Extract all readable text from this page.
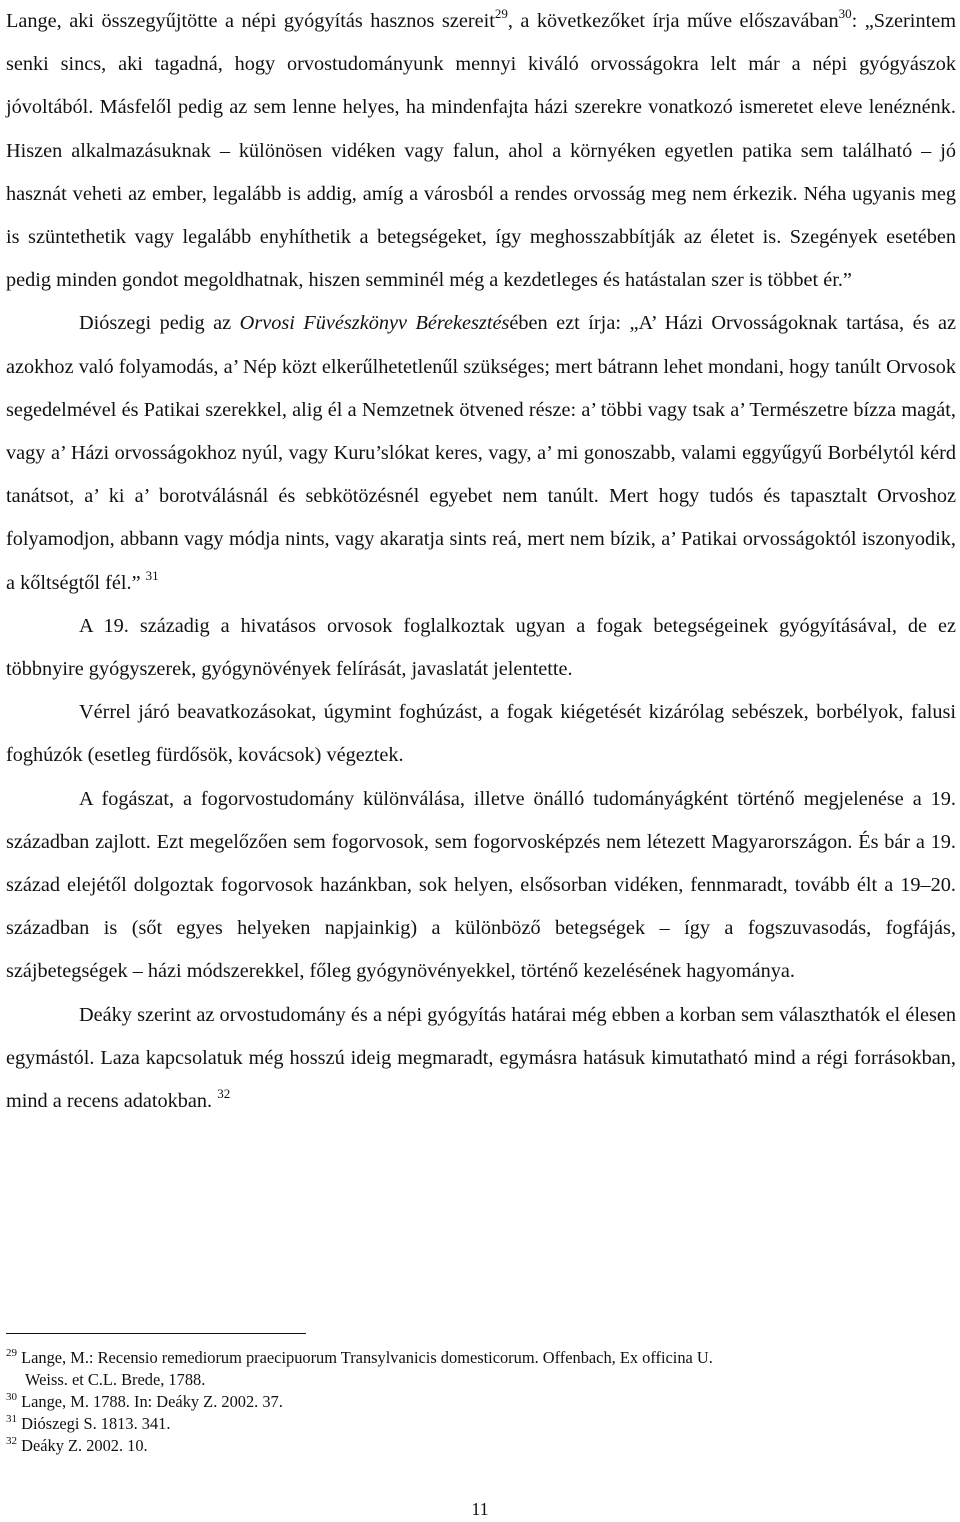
Lange, aki összegyűjtötte a népi gyógyítás hasznos szereit$^{29}$, a következőket írja műve előszavában$^{30}$: „Szerintem senki sincs, aki tagadná, hogy orvostudományunk mennyi kiváló orvosságokra lelt már a népi gyógyászok jóvoltából. Másfelől pedig az sem lenne helyes, ha mindenfajta házi szerekre vonatkozó ismeretet eleve lenéznénk. Hiszen alkalmazásuknak – különösen vidéken vagy falun, ahol a környéken egyetlen patika sem található – jó hasznát veheti az ember, legalább is addig, amíg a városból a rendes orvosság meg nem érkezik. Néha ugyanis meg is szüntethetik vagy legalább enyhíthetik a betegségeket, így meghosszabbítják az életet is. Szegények esetében pedig minden gondot megoldhatnak, hiszen semminél még a kezdetleges és hatástalan szer is többet ér.”

Diószegi pedig az Orvosi Füvészkönyv Bérekesztésében ezt írja: „A’ Házi Orvosságoknak tartása, és az azokhoz való folyamodás, a’ Nép közt elkerűlhetetlenűl szükséges; mert bátrann lehet mondani, hogy tanúlt Orvosok segedelmével és Patikai szerekkel, alig él a Nemzetnek ötvened része: a’ többi vagy tsak a’ Természetre bízza magát, vagy a’ Házi orvosságokhoz nyúl, vagy Kuru’slókat keres, vagy, a’ mi gonoszabb, valami eggyűgyű Borbélytól kérd tanátsot, a’ ki a’ borotválásnál és sebkötözésnél egyebet nem tanúlt. Mert hogy tudós és tapasztalt Orvoshoz folyamodjon, abbann vagy módja nints, vagy akaratja sints reá, mert nem bízik, a’ Patikai orvosságoktól iszonyodik, a kőltségtől fél.” $^{31}$

A 19. századig a hivatásos orvosok foglalkoztak ugyan a fogak betegségeinek gyógyításával, de ez többnyire gyógyszerek, gyógynövények felírását, javaslatát jelentette.

Vérrel járó beavatkozásokat, úgymint foghúzást, a fogak kiégetését kizárólag sebészek, borbélyok, falusi foghúzók (esetleg fürdősök, kovácsok) végeztek.

A fogászat, a fogorvostudomány különválása, illetve önálló tudományágként történő megjelenése a 19. században zajlott. Ezt megelőzően sem fogorvosok, sem fogorvosképzés nem létezett Magyarországon. És bár a 19. század elejétől dolgoztak fogorvosok hazánkban, sok helyen, elsősorban vidéken, fennmaradt, tovább élt a 19–20. században is (sőt egyes helyeken napjainkig) a különböző betegségek – így a fogszuvasodás, fogfájás, szájbetegségek – házi módszerekkel, főleg gyógynövényekkel, történő kezelésének hagyománya.

Deáky szerint az orvostudomány és a népi gyógyítás határai még ebben a korban sem választhatók el élesen egymástól. Laza kapcsolatuk még hosszú ideig megmaradt, egymásra hatásuk kimutatható mind a régi forrásokban, mind a recens adatokban. $^{32}$

$^{29}$ Lange, M.: Recensio remediorum praecipuorum Transylvanicis domesticorum. Offenbach, Ex officina U.

Weiss. et C.L. Brede, 1788.

$^{30}$ Lange, M. 1788. In: Deáky Z. 2002. 37.

$^{31}$ Diószegi S. 1813. 341.

$^{32}$ Deáky Z. 2002. 10.

11
